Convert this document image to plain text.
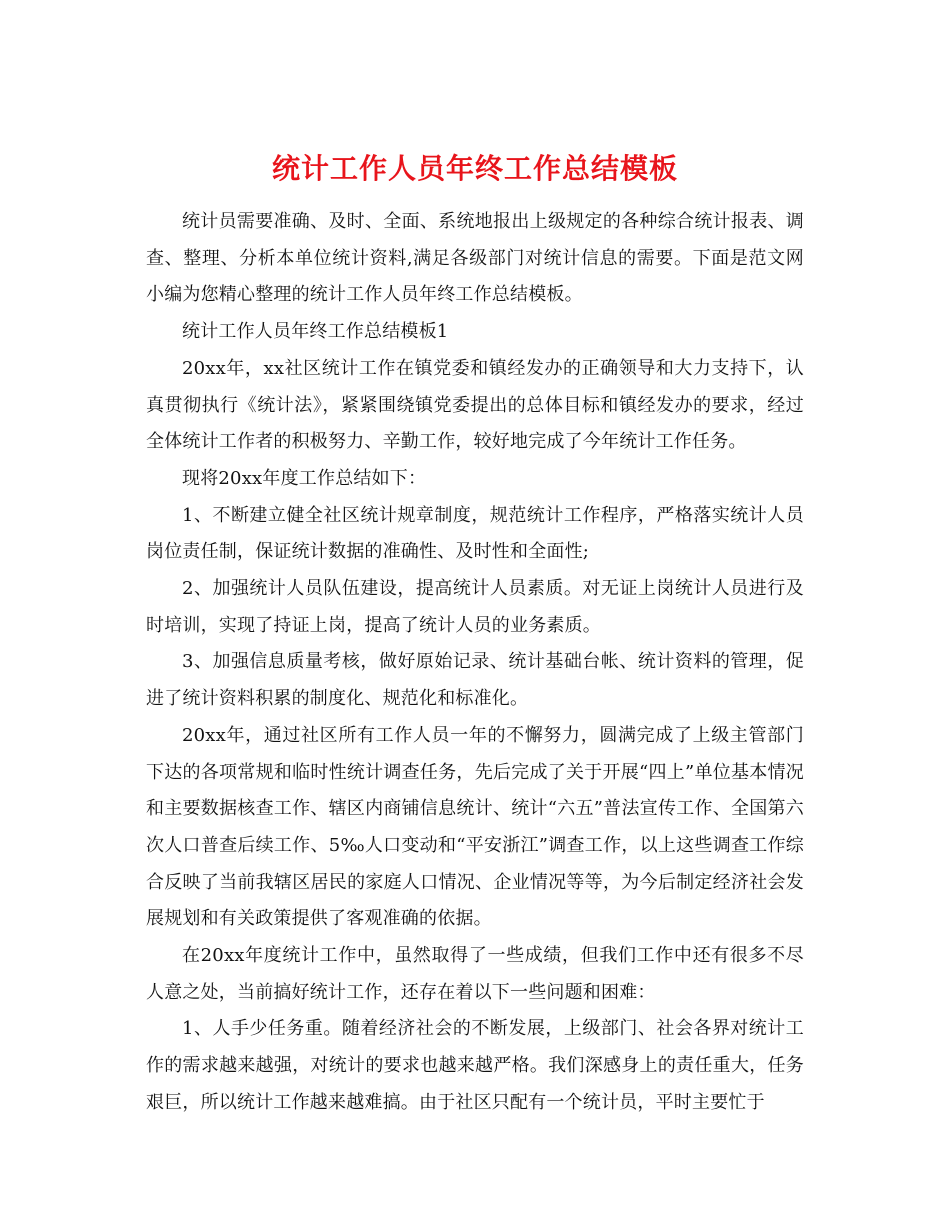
统计工作人员年终工作总结模板

统计员需要准确、及时、全面、系统地报出上级规定的各种综合统计报表、调查、整理、分析本单位统计资料,满足各级部门对统计信息的需要。下面是范文网小编为您精心整理的统计工作人员年终工作总结模板。

统计工作人员年终工作总结模板1

20xx年，xx社区统计工作在镇党委和镇经发办的正确领导和大力支持下，认真贯彻执行《统计法》，紧紧围绕镇党委提出的总体目标和镇经发办的要求，经过全体统计工作者的积极努力、辛勤工作，较好地完成了今年统计工作任务。

现将20xx年度工作总结如下：

1、不断建立健全社区统计规章制度，规范统计工作程序，严格落实统计人员岗位责任制，保证统计数据的准确性、及时性和全面性;

2、加强统计人员队伍建设，提高统计人员素质。对无证上岗统计人员进行及时培训，实现了持证上岗，提高了统计人员的业务素质。

3、加强信息质量考核，做好原始记录、统计基础台帐、统计资料的管理，促进了统计资料积累的制度化、规范化和标准化。

20xx年，通过社区所有工作人员一年的不懈努力，圆满完成了上级主管部门下达的各项常规和临时性统计调查任务，先后完成了关于开展“四上”单位基本情况和主要数据核查工作、辖区内商铺信息统计、统计“六五”普法宣传工作、全国第六次人口普查后续工作、5‰人口变动和“平安浙江”调查工作，以上这些调查工作综合反映了当前我辖区居民的家庭人口情况、企业情况等等，为今后制定经济社会发展规划和有关政策提供了客观准确的依据。

在20xx年度统计工作中，虽然取得了一些成绩，但我们工作中还有很多不尽人意之处，当前搞好统计工作，还存在着以下一些问题和困难：

1、人手少任务重。随着经济社会的不断发展，上级部门、社会各界对统计工作的需求越来越强，对统计的要求也越来越严格。我们深感身上的责任重大，任务艰巨，所以统计工作越来越难搞。由于社区只配有一个统计员，平时主要忙于
